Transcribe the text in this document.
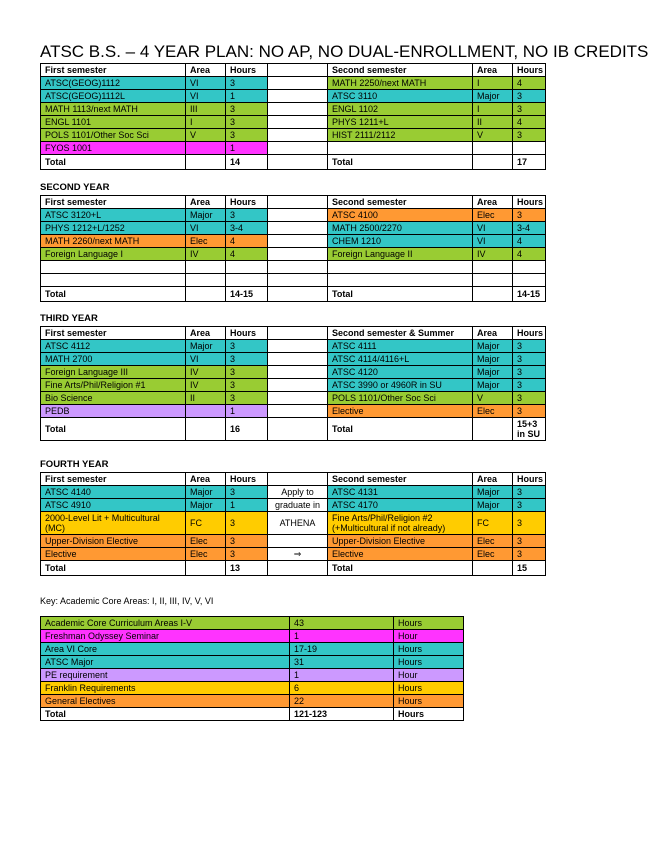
ATSC B.S. – 4 YEAR PLAN: NO AP, NO DUAL-ENROLLMENT, NO IB CREDITS
First semester	Area	Hours		Second semester	Area	Hours
ATSC(GEOG)1112	VI	3		MATH 2250/next MATH	I	4
ATSC(GEOG)1112L	VI	1		ATSC 3110	Major	3
MATH 1113/next MATH	III	3		ENGL 1102	I	3
ENGL 1101	I	3		PHYS 1211+L	II	4
POLS 1101/Other Soc Sci	V	3		HIST 2111/2112	V	3
FYOS 1001		1				
Total		14		Total		17
SECOND YEAR
First semester	Area	Hours		Second semester	Area	Hours
ATSC 3120+L	Major	3		ATSC 4100	Elec	3
PHYS 1212+L/1252	VI	3-4		MATH 2500/2270	VI	3-4
MATH 2260/next MATH	Elec	4		CHEM 1210	VI	4
Foreign Language I	IV	4		Foreign Language II	IV	4

Total		14-15		Total		14-15
THIRD YEAR
First semester	Area	Hours		Second semester & Summer	Area	Hours
ATSC 4112	Major	3		ATSC 4111	Major	3
MATH 2700	VI	3		ATSC 4114/4116+L	Major	3
Foreign Language III	IV	3		ATSC 4120	Major	3
Fine Arts/Phil/Religion #1	IV	3		ATSC 3990 or 4960R in SU	Major	3
Bio Science	II	3		POLS 1101/Other Soc Sci	V	3
PEDB		1		Elective	Elec	3
Total		16		Total		15+3 in SU
FOURTH YEAR
First semester	Area	Hours		Second semester	Area	Hours
ATSC 4140	Major	3	Apply to	ATSC 4131	Major	3
ATSC 4910	Major	1	graduate in	ATSC 4170	Major	3
2000-Level Lit + Multicultural (MC)	FC	3	ATHENA	Fine Arts/Phil/Religion #2 (+Multicultural if not already)	FC	3
Upper-Division Elective	Elec	3		Upper-Division Elective	Elec	3
Elective	Elec	3	⇒	Elective	Elec	3
Total		13		Total		15
Key: Academic Core Areas: I, II, III, IV, V, VI
Academic Core Curriculum Areas I-V	43	Hours
Freshman Odyssey Seminar	1	Hour
Area VI Core	17-19	Hours
ATSC Major	31	Hours
PE requirement	1	Hour
Franklin Requirements	6	Hours
General Electives	22	Hours
Total	121-123	Hours
